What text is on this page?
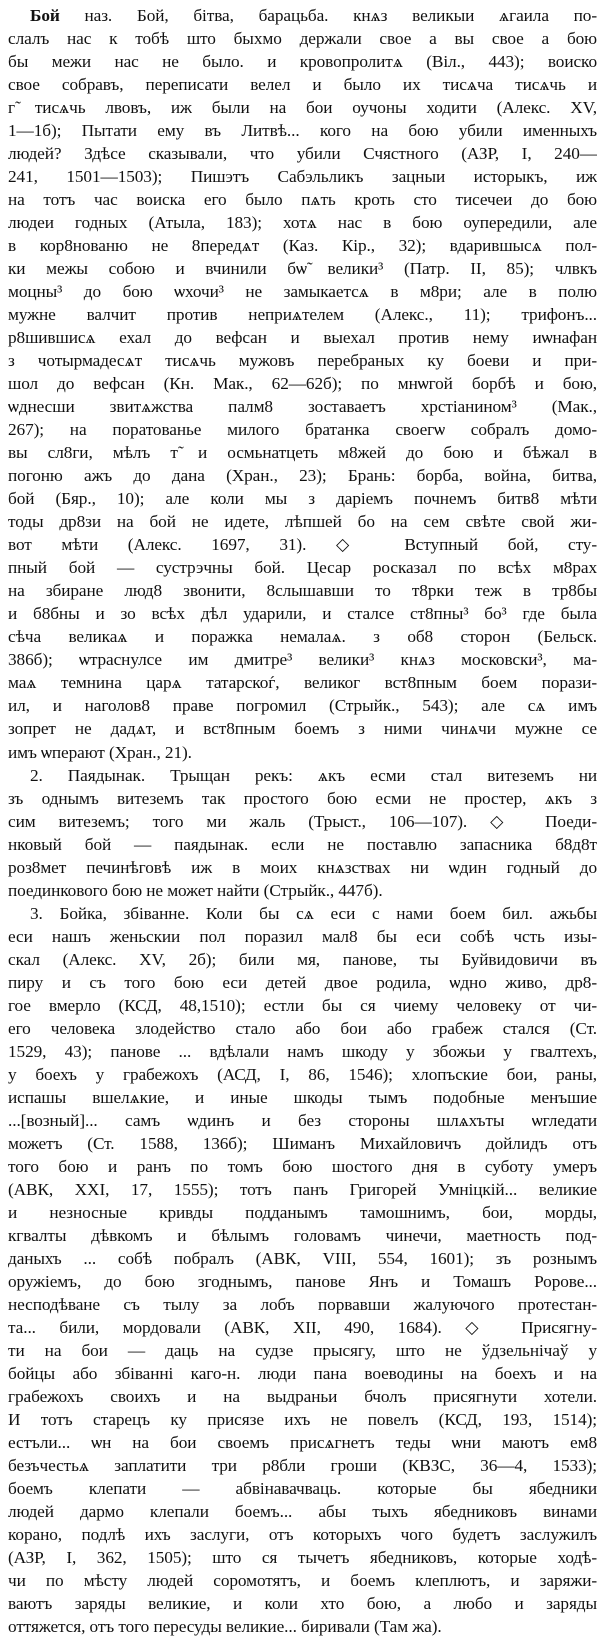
Бой наз. Бой, бітва, барацьба. кнѧз великыи ѧгаила по-
слалъ нас к тобѣ што быхмо держали свое а вы свое а бою
бы межи нас не было. и кровопролитѧ (Віл., 443); воиско
свое собравъ, переписати велел и было их тисѧча тисѧчь и
г̃ тисѧчь лвовъ, иж были на бои оучоны ходити (Алекс. XV,
1—1б); Пытати ему въ Литвѣ... кого на бою убили именныхъ
людей? Здѣсе сказывали, что убили Счястного (АЗР, І, 240—
241, 1501—1503); Пишэтъ Сабэльликъ зацныи исторыкъ, иж
на тотъ час воиска его было пѧть кроть сто тисечеи до бою
людеи годных (Атыла, 183); хотѧ нас в бою оупередили, але
в кор8нованю не 8передѧт (Каз. Кір., 32); вдарившысѧ пол-
ки межы собою и вчинили бѡ̃ велики³ (Патр. II, 85); члвкъ
моцны³ до бою ѡхочи³ не замыкаетсѧ в м8ри; але в полю
мужне валчит против неприѧтелем (Алекс., 11); трифонъ...
р8шившисѧ ехал до вефсан и выехал против нему иѡнафан
з чотырмадесѧт тисѧчь мужовъ перебраных ку боеви и при-
шол до вефсан (Кн. Мак., 62—62б); по мнѡгой борбѣ и бою,
ѡднесши звитѧжства палм8 зоставаетъ хрстіанином³ (Мак.,
267); на поратованье милого братанка своегѡ собралъ домо-
вы сл8ги, мѣлъ т̃ и осмьнатцеть м8жей до бою и бѣжал в
погоню ажъ до дана (Хран., 23); Брань: борба, война, битва,
бой (Бяр., 10); але коли мы з даріемъ почнемъ битв8 мѣти
тоды др8зи на бой не идете, лѣпшей бо на сем свѣте свой жи-
вот мѣти (Алекс. 1697, 31). ◇ Вступный бой, сту-
пный бой — сустрэчны бой. Цесар росказал по всѣх м8рах
на збиране люд8 звонити, 8слышавши то т8рки теж в тр8бы
и б8бны и зо всѣх дѣл ударили, и сталсе ст8пны³ бо³ где была
сѣча великаѧ и поражка немалаѧ. з об8 сторон (Бельск.
386б); ѡтраснулсе им дмитре³ велики³ кнѧз московски³, ма-
маѧ темнина царѧ татарскоѓ, великог вст8пным боем порази-
ил, и наголов8 праве погромил (Стрыйк., 543); але сѧ имъ
зопрет не дадѧт, и вст8пным боемъ з ними чинѧчи мужне се
имъ ѡперают (Хран., 21).
2. Паядынак. Трыщан рекъ: ѧкъ есми стал витеземъ ни
зъ однымъ витеземъ так простого бою есми не простер, ѧкъ з
сим витеземъ; того ми жаль (Трыст., 106—107). ◇ Поеди-
нковый бой — паядынак. если не поставлю запасника б8д8т
роз8мет печинѣговѣ иж в моих кнѧзствах ни ѡдин годный до
поединкового бою не может найти (Стрыйк., 447б).
3. Бойка, збіванне. Коли бы сѧ еси с нами боем бил. ажьбы
еси нашъ женьскии пол поразил мал8 бы еси собѣ чсть изы-
скал (Алекс. XV, 2б); били мя, панове, ты Буйвидовичи въ
пиру и съ того бою еси детей двое родила, ѡдно живо, др8-
гое вмерло (КСД, 48,1510); естли бы ся чиему человеку от чи-
его человека злодейство стало або бои або грабеж стался (Ст.
1529, 43); панове ... вдѣлали намъ шкоду у збожьи у гвалтехъ,
у боехъ у грабежохъ (АСД, І, 86, 1546); хлопъские бои, раны,
испашы вшелѧкие, и иные шкоды тымъ подобные менъшие
...[возный]... самъ ѡдинъ и без стороны шлѧхъты ѡгледати
можетъ (Ст. 1588, 136б); Шиманъ Михайловичъ дойлидъ отъ
того бою и ранъ по томъ бою шостого дня в суботу умеръ
(АВК, ХХІ, 17, 1555); тотъ панъ Григорей Умніцкій... великие
и незносные кривды подданымъ тамошнимъ, бои, морды,
кгвалты дѣвкомъ и бѣлымъ головамъ чинечи, маетность под-
даныхъ ... собѣ побралъ (АВК, VIII, 554, 1601); зъ рознымъ
оружіемъ, до бою згоднымъ, панове Янъ и Томашъ Ророве...
несподѣване съ тылу за лобъ порвавши жалуючого протестан-
та... били, мордовали (АВК, ХІІ, 490, 1684). ◇ Присягну-
ти на бои — даць на судзе прысягу, што не ўдзельнічаў у
бойцы або збіванні каго-н. люди пана воеводины на боехъ и на
грабежохъ своихъ и на выдраньи бчолъ присягнути хотели.
И тотъ старецъ ку присязе ихъ не повелъ (КСД, 193, 1514);
естъли... ѡн на бои своемъ присѧгнетъ теды ѡни маютъ ем8
безъчестьѧ заплатити три р8бли гроши (КВЗС, 36—4, 1533);
боемъ клепати — абвінавачваць. которые бы ябедники
людей дармо клепали боемъ... абы тыхъ ябедниковъ винами
корано, подлѣ ихъ заслуги, отъ которыхъ чого будетъ заслужилъ
(АЗР, І, 362, 1505); што ся тычетъ ябедниковъ, которые ходѣ-
чи по мѣсту людей соромотятъ, и боемъ клеплютъ, и заряжи-
ваютъ заряды великие, и коли хто бою, а любо и заряды
оттяжется, отъ того пересуды великие... биривали (Там жа).
